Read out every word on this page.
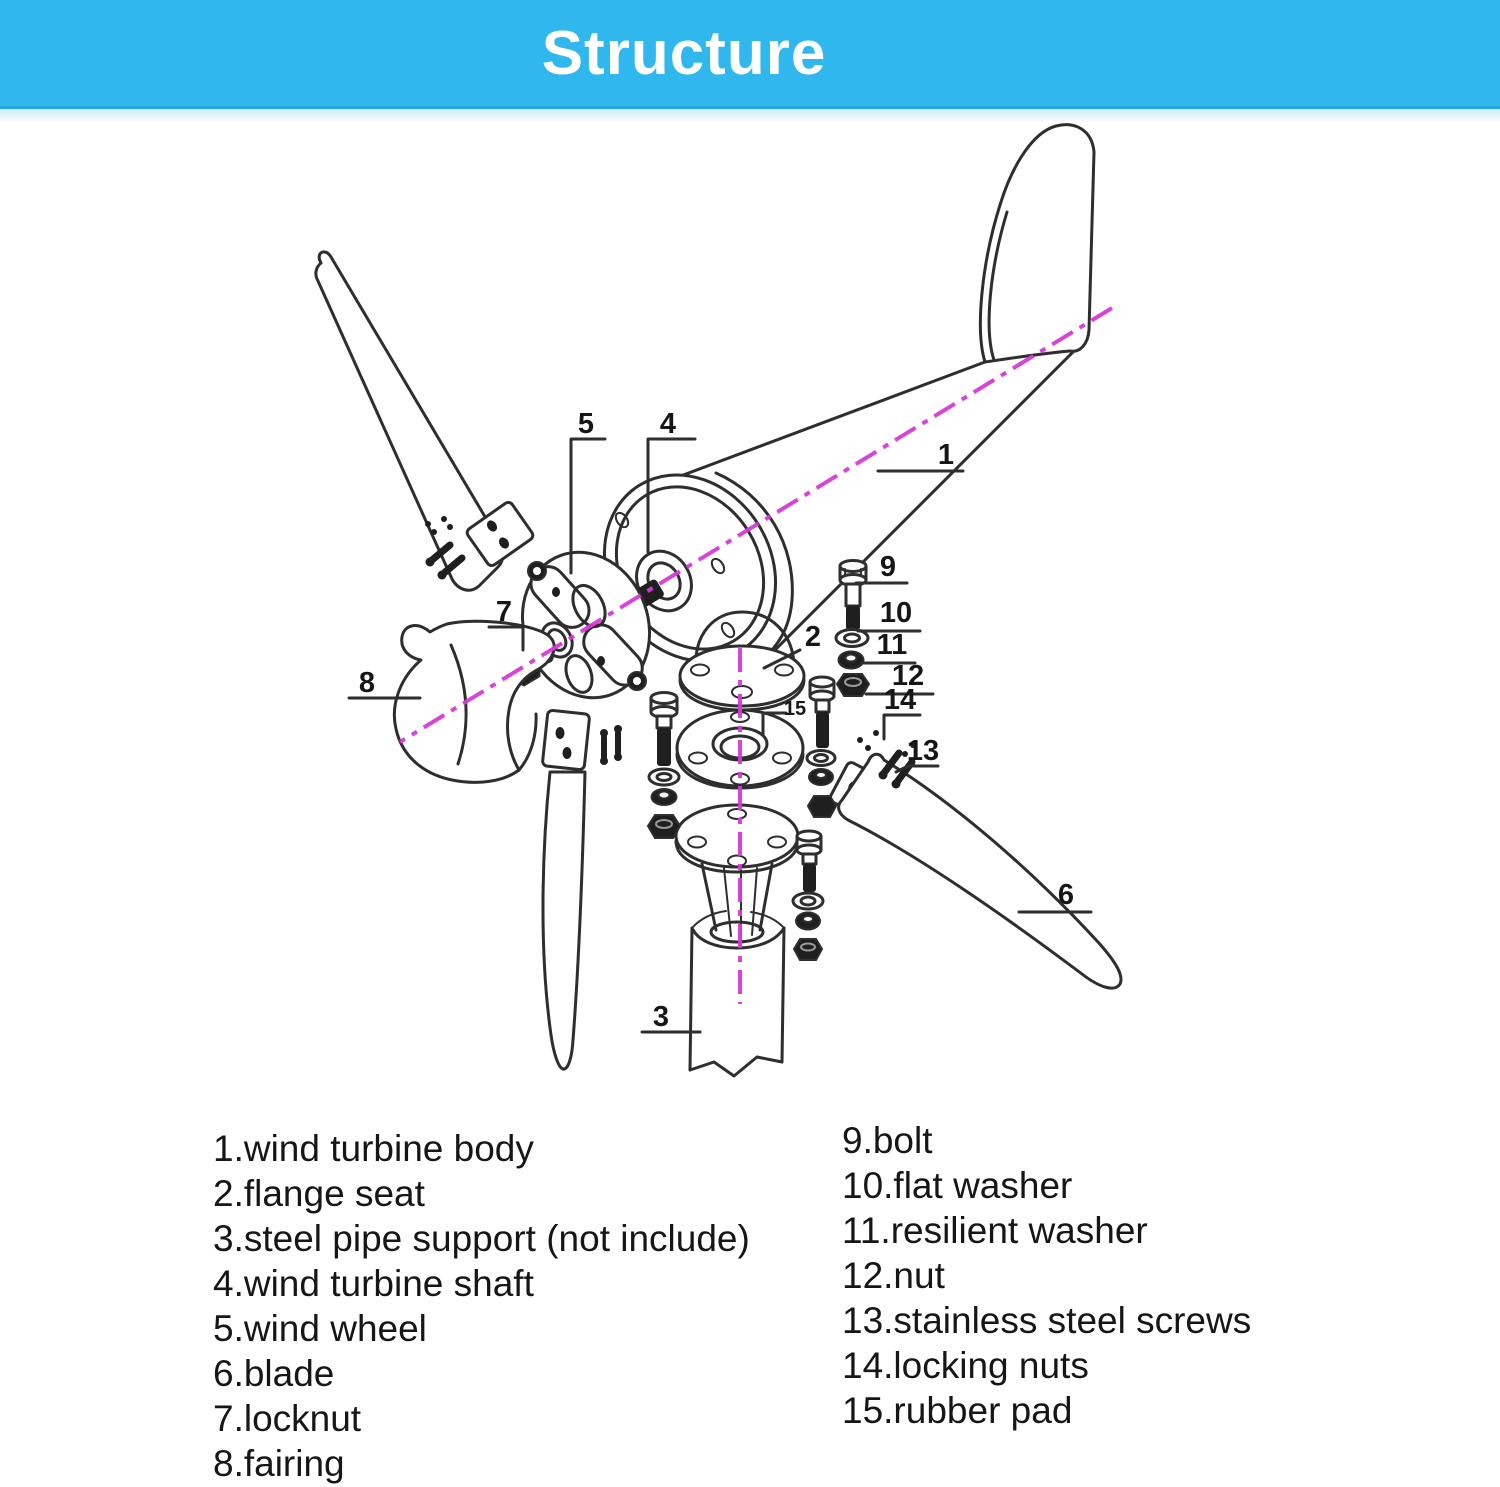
Structure
1
2
3
4
5
6
7
8
9
10
11
12
13
14
15
1.wind turbine body
2.flange seat
3.steel pipe support (not include)
4.wind turbine shaft
5.wind wheel
6.blade
7.locknut
8.fairing
9.bolt
10.flat washer
11.resilient washer
12.nut
13.stainless steel screws
14.locking nuts
15.rubber pad
